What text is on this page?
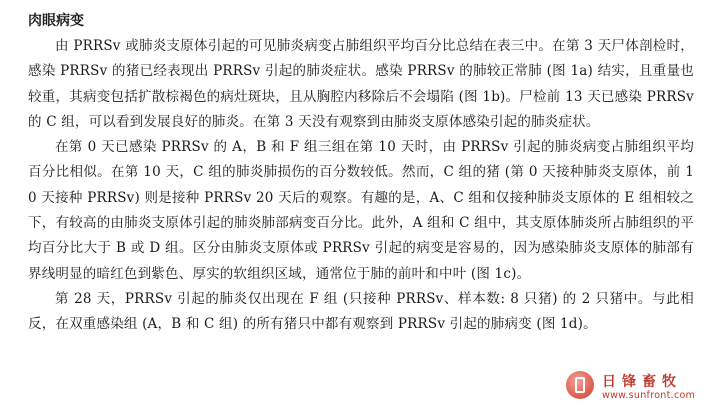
肉眼病变

由 PRRSv 或肺炎支原体引起的可见肺炎病变占肺组织平均百分比总结在表三中。在第 3 天尸体剖检时，感染 PRRSv 的猪已经表现出 PRRSv 引起的肺炎症状。感染 PRRSv 的肺较正常肺 (图 1a) 结实，且重量也较重，其病变包括扩散棕褐色的病灶斑块，且从胸腔内移除后不会塌陷 (图 1b)。尸检前 13 天已感染 PRRSv 的 C 组，可以看到发展良好的肺炎。在第 3 天没有观察到由肺炎支原体感染引起的肺炎症状。

在第 0 天已感染 PRRSv 的 A，B 和 F 组三组在第 10 天时，由 PRRSv 引起的肺炎病变占肺组织平均百分比相似。在第 10 天，C 组的肺炎肺损伤的百分数较低。然而，C 组的猪 (第 0 天接种肺炎支原体，前 10 天接种 PRRSv) 则是接种 PRRSv 20 天后的观察。有趣的是，A、C 组和仅接种肺炎支原体的 E 组相较之下，有较高的由肺炎支原体引起的肺炎肺部病变百分比。此外，A 组和 C 组中，其支原体肺炎所占肺组织的平均百分比大于 B 或 D 组。区分由肺炎支原体或 PRRSv 引起的病变是容易的，因为感染肺炎支原体的肺部有界线明显的暗红色到紫色、厚实的软组织区域，通常位于肺的前叶和中叶 (图 1c)。

第 28 天，PRRSv 引起的肺炎仅出现在 F 组 (只接种 PRRSv、样本数: 8 只猪) 的 2 只猪中。与此相反，在双重感染组 (A，B 和 C 组) 的所有猪只中都有观察到 PRRSv 引起的肺病变 (图 1d)。

日锋畜牧
www.sunfront.com
